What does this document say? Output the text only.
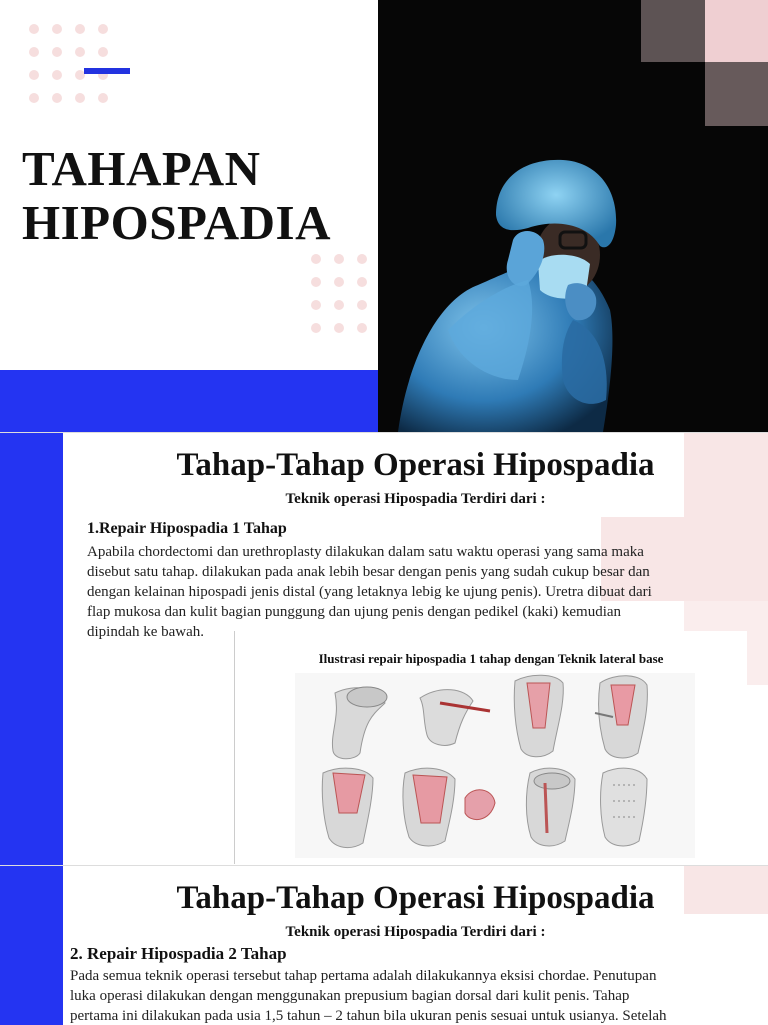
TAHAPAN
HIPOSPADIA
Tahap-Tahap Operasi Hipospadia
Teknik operasi Hipospadia Terdiri dari :
1.Repair Hipospadia 1 Tahap
Apabila chordectomi dan urethroplasty dilakukan dalam satu waktu operasi yang sama maka
disebut satu tahap. dilakukan pada anak lebih besar dengan penis yang sudah cukup besar dan
dengan kelainan hipospadi jenis distal (yang letaknya lebig ke ujung penis). Uretra dibuat dari
flap mukosa dan kulit bagian punggung dan ujung penis dengan pedikel (kaki) kemudian
dipindah ke bawah.
Ilustrasi repair hipospadia 1 tahap dengan Teknik lateral base
Tahap-Tahap Operasi Hipospadia
Teknik operasi Hipospadia Terdiri dari :
2. Repair Hipospadia 2 Tahap
Pada semua teknik operasi tersebut tahap pertama adalah dilakukannya eksisi chordae. Penutupan
luka operasi dilakukan dengan menggunakan prepusium bagian dorsal dari kulit penis. Tahap
pertama ini dilakukan pada usia 1,5 tahun – 2 tahun bila ukuran penis sesuai untuk usianya. Setelah
